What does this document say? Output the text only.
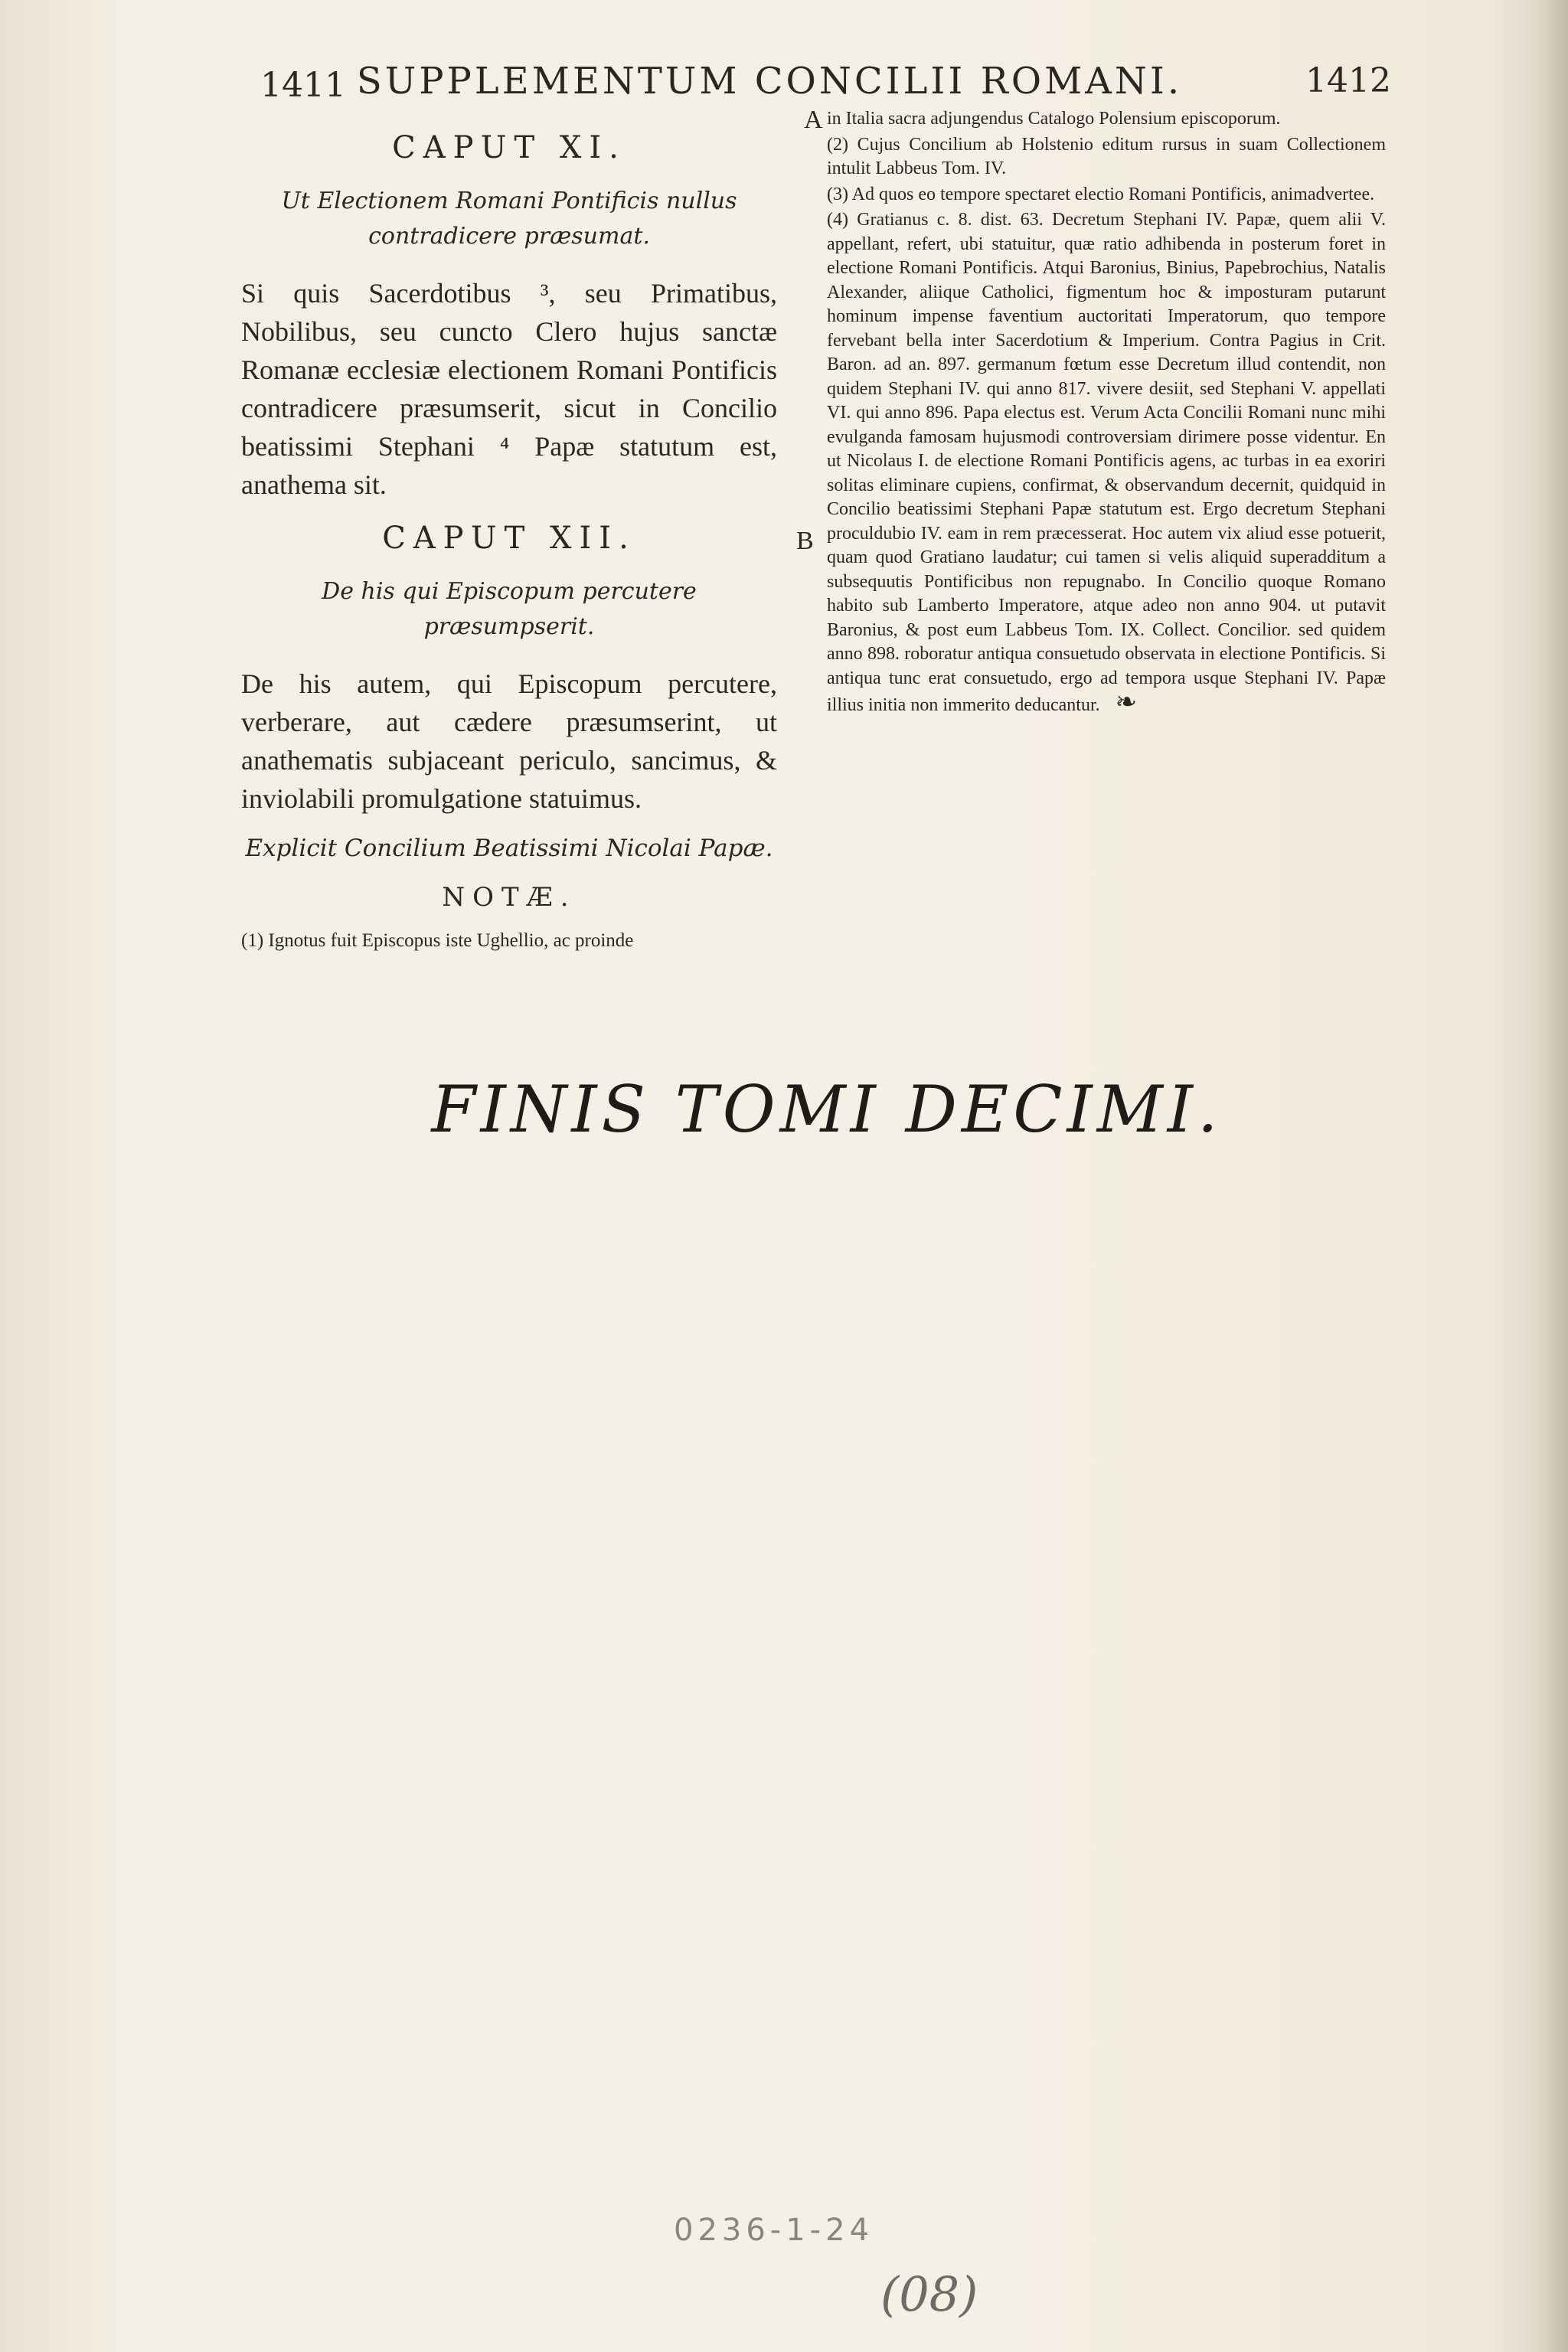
1411 SUPPLEMENTUM CONCILII ROMANI.	1412
CAPUT XI.
Ut Electionem Romani Pontificis nullus contradicere præsumat.

Si quis Sacerdotibus ³, seu Primatibus, Nobilibus, seu cuncto Clero hujus sanctæ Romanæ ecclesiæ electionem Romani Pontificis contradicere præsumserit, sicut in Concilio beatissimi Stephani ⁴ Papæ statutum est, anathema sit.

CAPUT XII.
De his qui Episcopum percutere præsumpserit.

De his autem, qui Episcopum percutere, verberare, aut cædere præsumserint, ut anathematis subjaceant periculo, sancimus, & inviolabili promulgatione statuimus.

Explicit Concilium Beatissimi Nicolai Papæ.
NOTÆ.
(1) Ignotus fuit Episcopus iste Ughellio, ac proinde
A
B

in Italia sacra adjungendus Catalogo Polensium episcoporum.

(2) Cujus Concilium ab Holstenio editum rursus in suam Collectionem intulit Labbeus Tom. IV.

(3) Ad quos eo tempore spectaret electio Romani Pontificis, animadvertee.

(4) Gratianus c. 8. dist. 63. Decretum Stephani IV. Papæ, quem alii V. appellant, refert, ubi statuitur, quæ ratio adhibenda in posterum foret in electione Romani Pontificis. Atqui Baronius, Binius, Papebrochius, Natalis Alexander, aliique Catholici, figmentum hoc & imposturam putarunt hominum impense faventium auctoritati Imperatorum, quo tempore fervebant bella inter Sacerdotium & Imperium. Contra Pagius in Crit. Baron. ad an. 897. germanum fœtum esse Decretum illud contendit, non quidem Stephani IV. qui anno 817. vivere desiit, sed Stephani V. appellati VI. qui anno 896. Papa electus est. Verum Acta Concilii Romani nunc mihi evulganda famosam hujusmodi controversiam dirimere posse videntur. En ut Nicolaus I. de electione Romani Pontificis agens, ac turbas in ea exoriri solitas eliminare cupiens, confirmat, & observandum decernit, quidquid in Concilio beatissimi Stephani Papæ statutum est. Ergo decretum Stephani proculdubio IV. eam in rem præcesserat. Hoc autem vix aliud esse potuerit, quam quod Gratiano laudatur; cui tamen si velis aliquid superadditum a subsequutis Pontificibus non repugnabo. In Concilio quoque Romano habito sub Lamberto Imperatore, atque adeo non anno 904. ut putavit Baronius, & post eum Labbeus Tom. IX. Collect. Concilior. sed quidem anno 898. roboratur antiqua consuetudo observata in electione Pontificis. Si antiqua tunc erat consuetudo, ergo ad tempora usque Stephani IV. Papæ illius initia non immerito deducantur. ❧

FINIS TOMI DECIMI.
0236-1-24
(08)
